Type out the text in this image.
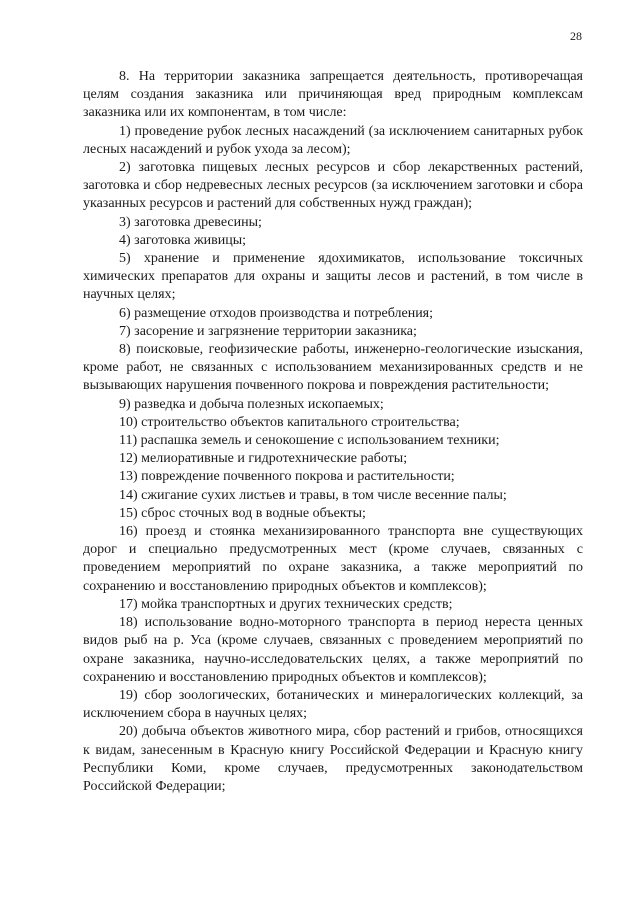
28

8. На территории заказника запрещается деятельность, противоречащая целям создания заказника или причиняющая вред природным комплексам заказника или их компонентам, в том числе:

1) проведение рубок лесных насаждений (за исключением санитарных рубок лесных насаждений и рубок ухода за лесом);

2) заготовка пищевых лесных ресурсов и сбор лекарственных растений, заготовка и сбор недревесных лесных ресурсов (за исключением заготовки и сбора указанных ресурсов и растений для собственных нужд граждан);

3) заготовка древесины;

4) заготовка живицы;

5) хранение и применение ядохимикатов, использование токсичных химических препаратов для охраны и защиты лесов и растений, в том числе в научных целях;

6) размещение отходов производства и потребления;

7) засорение и загрязнение территории заказника;

8) поисковые, геофизические работы, инженерно-геологические изыскания, кроме работ, не связанных с использованием механизированных средств и не вызывающих нарушения почвенного покрова и повреждения растительности;

9) разведка и добыча полезных ископаемых;

10) строительство объектов капитального строительства;

11) распашка земель и сенокошение с использованием техники;

12) мелиоративные и гидротехнические работы;

13) повреждение почвенного покрова и растительности;

14) сжигание сухих листьев и травы, в том числе весенние палы;

15) сброс сточных вод в водные объекты;

16) проезд и стоянка механизированного транспорта вне существующих дорог и специально предусмотренных мест (кроме случаев, связанных с проведением мероприятий по охране заказника, а также мероприятий по сохранению и восстановлению природных объектов и комплексов);

17) мойка транспортных и других технических средств;

18) использование водно-моторного транспорта в период нереста ценных видов рыб на р. Уса (кроме случаев, связанных с проведением мероприятий по охране заказника, научно-исследовательских целях, а также мероприятий по сохранению и восстановлению природных объектов и комплексов);

19) сбор зоологических, ботанических и минералогических коллекций, за исключением сбора в научных целях;

20) добыча объектов животного мира, сбор растений и грибов, относящихся к видам, занесенным в Красную книгу Российской Федерации и Красную книгу Республики Коми, кроме случаев, предусмотренных законодательством Российской Федерации;
